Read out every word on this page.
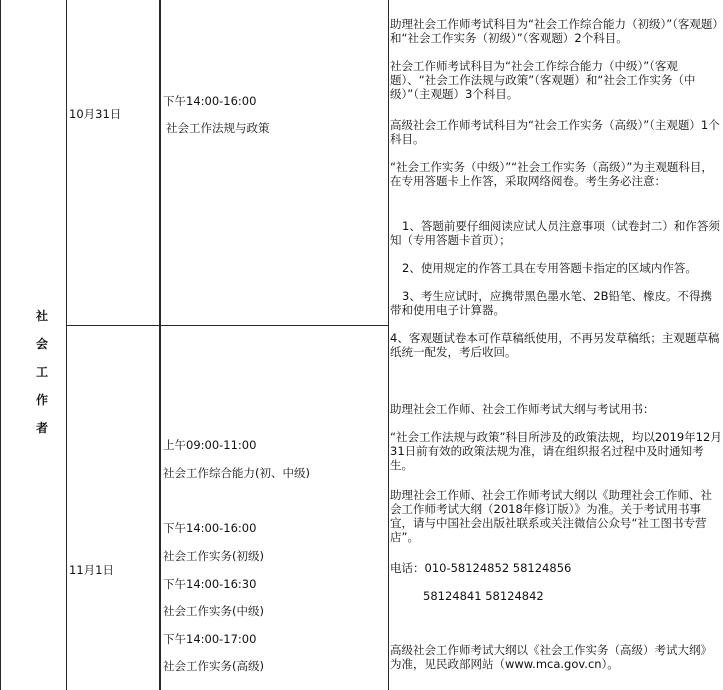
社
会
工
作
者
10月31日
下午14:00-16:00
社会工作法规与政策
11月1日
上午09:00-11:00
社会工作综合能力(初、中级)
下午14:00-16:00
社会工作实务(初级)
下午14:00-16:30
社会工作实务(中级)
下午14:00-17:00
社会工作实务(高级)

助理社会工作师考试科目为“社会工作综合能力（初级）”（客观题）和“社会工作实务（初级）”（客观题）2个科目。

社会工作师考试科目为“社会工作综合能力（中级）”（客观题）、“社会工作法规与政策”（客观题）和“社会工作实务（中级）”（主观题）3个科目。

高级社会工作师考试科目为“社会工作实务（高级）”（主观题）1个科目。

“社会工作实务（中级）”“社会工作实务（高级）”为主观题科目，在专用答题卡上作答，采取网络阅卷。考生务必注意：

1、答题前要仔细阅读应试人员注意事项（试卷封二）和作答须知（专用答题卡首页）；

2、使用规定的作答工具在专用答题卡指定的区域内作答。

3、考生应试时，应携带黑色墨水笔、2B铅笔、橡皮。不得携带和使用电子计算器。

4、客观题试卷本可作草稿纸使用，不再另发草稿纸；主观题草稿纸统一配发，考后收回。

助理社会工作师、社会工作师考试大纲与考试用书：

“社会工作法规与政策”科目所涉及的政策法规，均以2019年12月31日前有效的政策法规为准，请在组织报名过程中及时通知考生。

助理社会工作师、社会工作师考试大纲以《助理社会工作师、社会工作师考试大纲（2018年修订版）》为准。关于考试用书事宜，请与中国社会出版社联系或关注微信公众号“社工图书专营店”。

电话：010-58124852 58124856

58124841 58124842

高级社会工作师考试大纲以《社会工作实务（高级）考试大纲》为准，见民政部网站（www.mca.gov.cn）。
